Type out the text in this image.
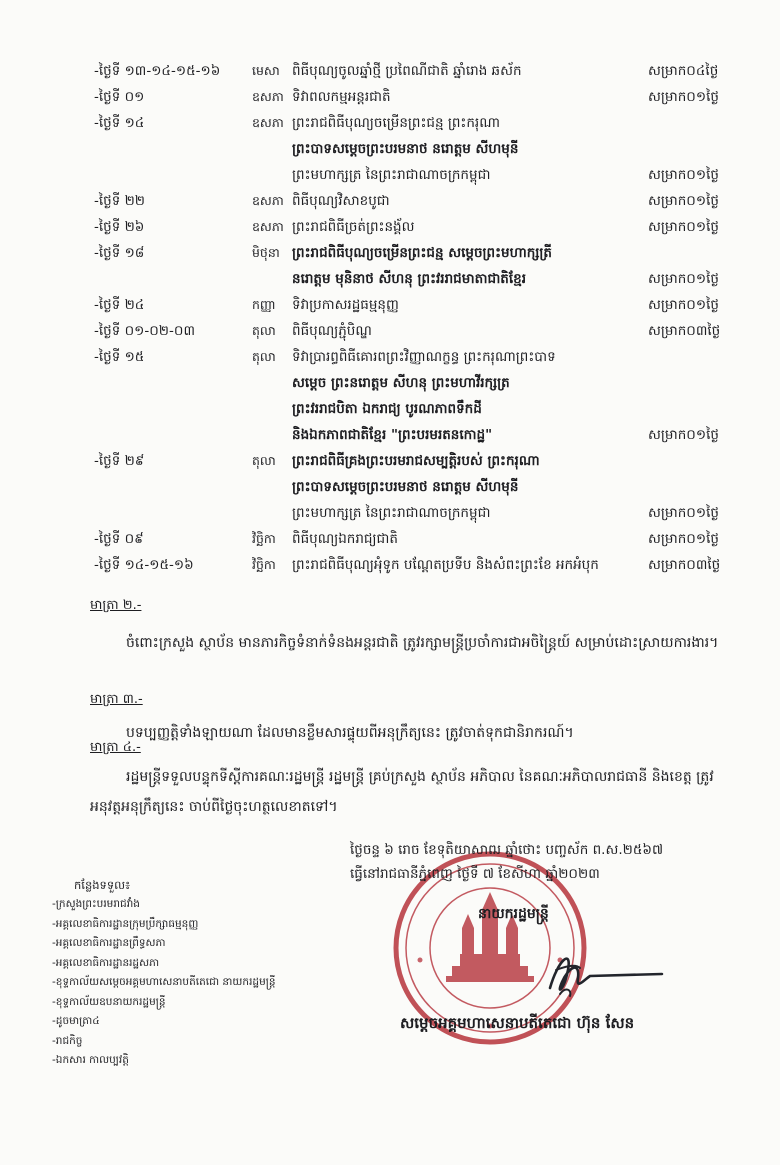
-ថ្ងៃទី ១៣-១៤-១៥-១៦	មេសា ពិធីបុណ្យចូលឆ្នាំថ្មី ប្រពៃណីជាតិ ឆ្នាំរោង ឆស័ក	សម្រាក០៤ថ្ងៃ
-ថ្ងៃទី ០១	ឧសភា ទិវាពលកម្មអន្តរជាតិ	សម្រាក០១ថ្ងៃ
-ថ្ងៃទី ១៤	ឧសភា ព្រះរាជពិធីបុណ្យចម្រើនព្រះជន្ម ព្រះករុណា
ព្រះបាទសម្តេចព្រះបរមនាថ នរោត្តម សីហមុនី
ព្រះមហាក្សត្រ នៃព្រះរាជាណាចក្រកម្ពុជា	សម្រាក០១ថ្ងៃ
-ថ្ងៃទី ២២	ឧសភា ពិធីបុណ្យវិសាខបូជា	សម្រាក០១ថ្ងៃ
-ថ្ងៃទី ២៦	ឧសភា ព្រះរាជពិធីច្រត់ព្រះនង្គ័ល	សម្រាក០១ថ្ងៃ
-ថ្ងៃទី ១៨	មិថុនា ព្រះរាជពិធីបុណ្យចម្រើនព្រះជន្ម សម្តេចព្រះមហាក្សត្រី
នរោត្តម មុនិនាថ សីហនុ ព្រះវររាជមាតាជាតិខ្មែរ	សម្រាក០១ថ្ងៃ
-ថ្ងៃទី ២៤	កញ្ញា	ទិវាប្រកាសរដ្ឋធម្មនុញ្ញ	សម្រាក០១ថ្ងៃ
-ថ្ងៃទី ០១-០២-០៣	តុលា	ពិធីបុណ្យភ្ជុំបិណ្ឌ	សម្រាក០៣ថ្ងៃ
-ថ្ងៃទី ១៥	តុលា	ទិវាប្រារព្ធពិធីគោរពព្រះវិញ្ញាណក្ខន្ធ ព្រះករុណាព្រះបាទ
សម្តេច ព្រះនរោត្តម សីហនុ ព្រះមហាវីរក្សត្រ
ព្រះវររាជបិតា ឯករាជ្យ បូរណភាពទឹកដី
និងឯកភាពជាតិខ្មែរ "ព្រះបរមរតនកោដ្ឋ"	សម្រាក០១ថ្ងៃ
-ថ្ងៃទី ២៩	តុលា	ព្រះរាជពិធីគ្រងព្រះបរមរាជសម្បត្តិរបស់ ព្រះករុណា
ព្រះបាទសម្តេចព្រះបរមនាថ នរោត្តម សីហមុនី
ព្រះមហាក្សត្រ នៃព្រះរាជាណាចក្រកម្ពុជា	សម្រាក០១ថ្ងៃ
-ថ្ងៃទី ០៩	វិច្ឆិកា	ពិធីបុណ្យឯករាជ្យជាតិ	សម្រាក០១ថ្ងៃ
-ថ្ងៃទី ១៤-១៥-១៦	វិច្ឆិកា	ព្រះរាជពិធីបុណ្យអុំទូក បណ្តែតប្រទីប និងសំពះព្រះខែ អកអំបុក	សម្រាក០៣ថ្ងៃ
មាត្រា ២.-
ចំពោះក្រសួង ស្ថាប័ន មានភារកិច្ចទំនាក់ទំនងអន្តរជាតិ ត្រូវរក្សាមន្ត្រីប្រចាំការជាអចិន្ត្រៃយ៍ សម្រាប់ដោះស្រាយការងារ។
មាត្រា ៣.-
បទប្បញ្ញត្តិទាំងឡាយណា ដែលមានខ្លឹមសារផ្ទុយពីអនុក្រឹត្យនេះ ត្រូវចាត់ទុកជានិរាករណ៍។
មាត្រា ៤.-
រដ្ឋមន្ត្រីទទួលបន្ទុកទីស្តីការគណៈរដ្ឋមន្ត្រី រដ្ឋមន្ត្រី គ្រប់ក្រសួង ស្ថាប័ន អភិបាល នៃគណៈអភិបាលរាជធានី និងខេត្ត ត្រូវអនុវត្តអនុក្រឹត្យនេះ ចាប់ពីថ្ងៃចុះហត្ថលេខាតទៅ។
ថ្ងៃចន្ទ ៦ រោច ខែទុតិយាសាឍ ឆ្នាំថោះ បញ្ចស័ក ព.ស.២៥៦៧
ធ្វើនៅរាជធានីភ្នំពេញ ថ្ងៃទី ៧ ខែសីហា ឆ្នាំ២០២៣
នាយករដ្ឋមន្ត្រី
កន្លែងទទួល៖
-ក្រសួងព្រះបរមរាជវាំង
-អគ្គលេខាធិការដ្ឋានក្រុមប្រឹក្សាធម្មនុញ្ញ
-អគ្គលេខាធិការដ្ឋានព្រឹទ្ធសភា
-អគ្គលេខាធិការដ្ឋានរដ្ឋសភា
-ខុទ្ទកាល័យសម្តេចអគ្គមហាសេនាបតីតេជោ នាយករដ្ឋមន្ត្រី
-ខុទ្ទកាល័យឧបនាយករដ្ឋមន្ត្រី
-ដូចមាត្រា៤
-រាជកិច្ច
-ឯកសារ កាលប្បវត្តិ
សម្តេចអគ្គមហាសេនាបតីតេជោ ហ៊ុន សែន
